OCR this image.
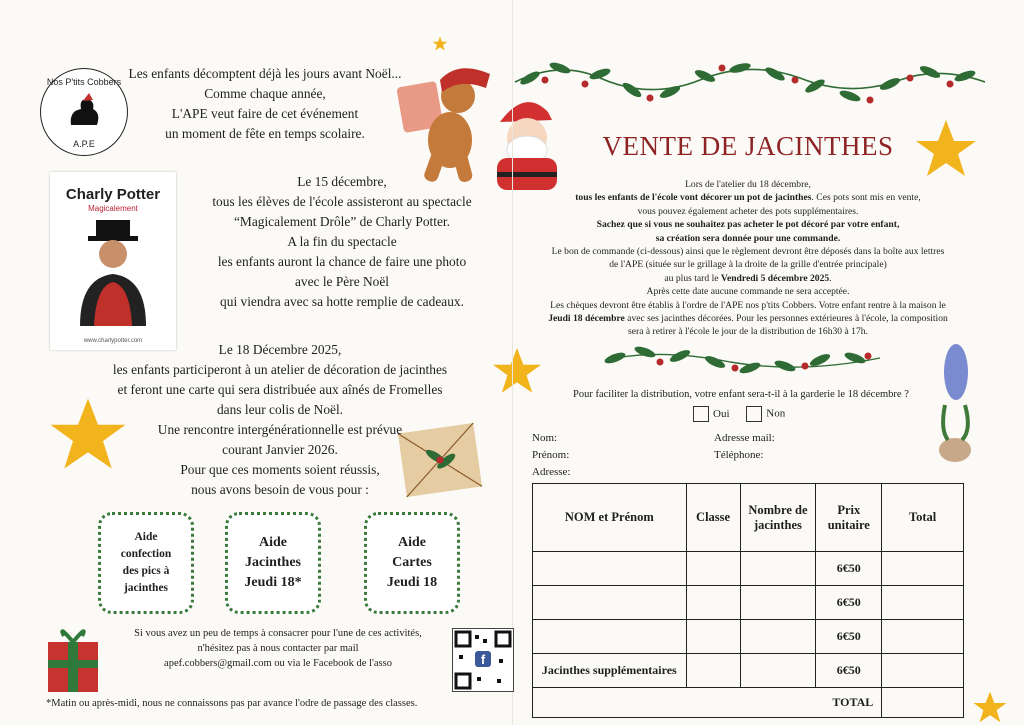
Nos P'tits Cobbers
A.P.E
Les enfants décomptent déjà les jours avant Noël...
Comme chaque année,
L'APE veut faire de cet événement
un moment de fête en temps scolaire.
Charly Potter
Magicalement
www.charlypotter.com
Le 15 décembre,
tous les élèves de l'école assisteront au spectacle
“Magicalement Drôle” de Charly Potter.
A la fin du spectacle
les enfants auront la chance de faire une photo
avec le Père Noël
qui viendra avec sa hotte remplie de cadeaux.
Le 18 Décembre 2025,
les enfants participeront à un atelier de décoration de jacinthes
et feront une carte qui sera distribuée aux aînés de Fromelles
dans leur colis de Noël.
Une rencontre intergénérationnelle est prévue
courant Janvier 2026.
Pour que ces moments soient réussis,
nous avons besoin de vous pour :
Aide
confection
des pics à
jacinthes
Aide
Jacinthes
Jeudi 18*
Aide
Cartes
Jeudi 18
Si vous avez un peu de temps à consacrer pour l'une de ces activités,
n'hésitez pas à nous contacter par mail
apef.cobbers@gmail.com ou via le Facebook de l'asso	f
*Matin ou après-midi, nous ne connaissons pas par avance l'odre de passage des classes.
VENTE DE JACINTHES
Lors de l'atelier du 18 décembre,
tous les enfants de l'école vont décorer un pot de jacinthes. Ces pots sont mis en vente,
vous pouvez également acheter des pots supplémentaires.
Sachez que si vous ne souhaitez pas acheter le pot décoré par votre enfant,
sa création sera donnée pour une commande.
Le bon de commande (ci-dessous) ainsi que le règlement devront être déposés dans la boîte aux lettres
de l'APE (située sur le grillage à la droite de la grille d'entrée principale)
au plus tard le Vendredi 5 décembre 2025.
Après cette date aucune commande ne sera acceptée.
Les chèques devront être établis à l'ordre de l'APE nos p'tits Cobbers. Votre enfant rentre à la maison le
Jeudi 18 décembre avec ses jacinthes décorées. Pour les personnes extérieures à l'école, la composition
sera à retirer à l'école le jour de la distribution de 16h30 à 17h.
Pour faciliter la distribution, votre enfant sera-t-il à la garderie le 18 décembre ?
Oui	Non
Nom:
Prénom:
Adresse:
Adresse mail:
Téléphone:
NOM et Prénom	Classe	Nombre de jacinthes	Prix unitaire	Total
			6€50	
			6€50	
			6€50	
Jacinthes supplémentaires			6€50	
TOTAL				
